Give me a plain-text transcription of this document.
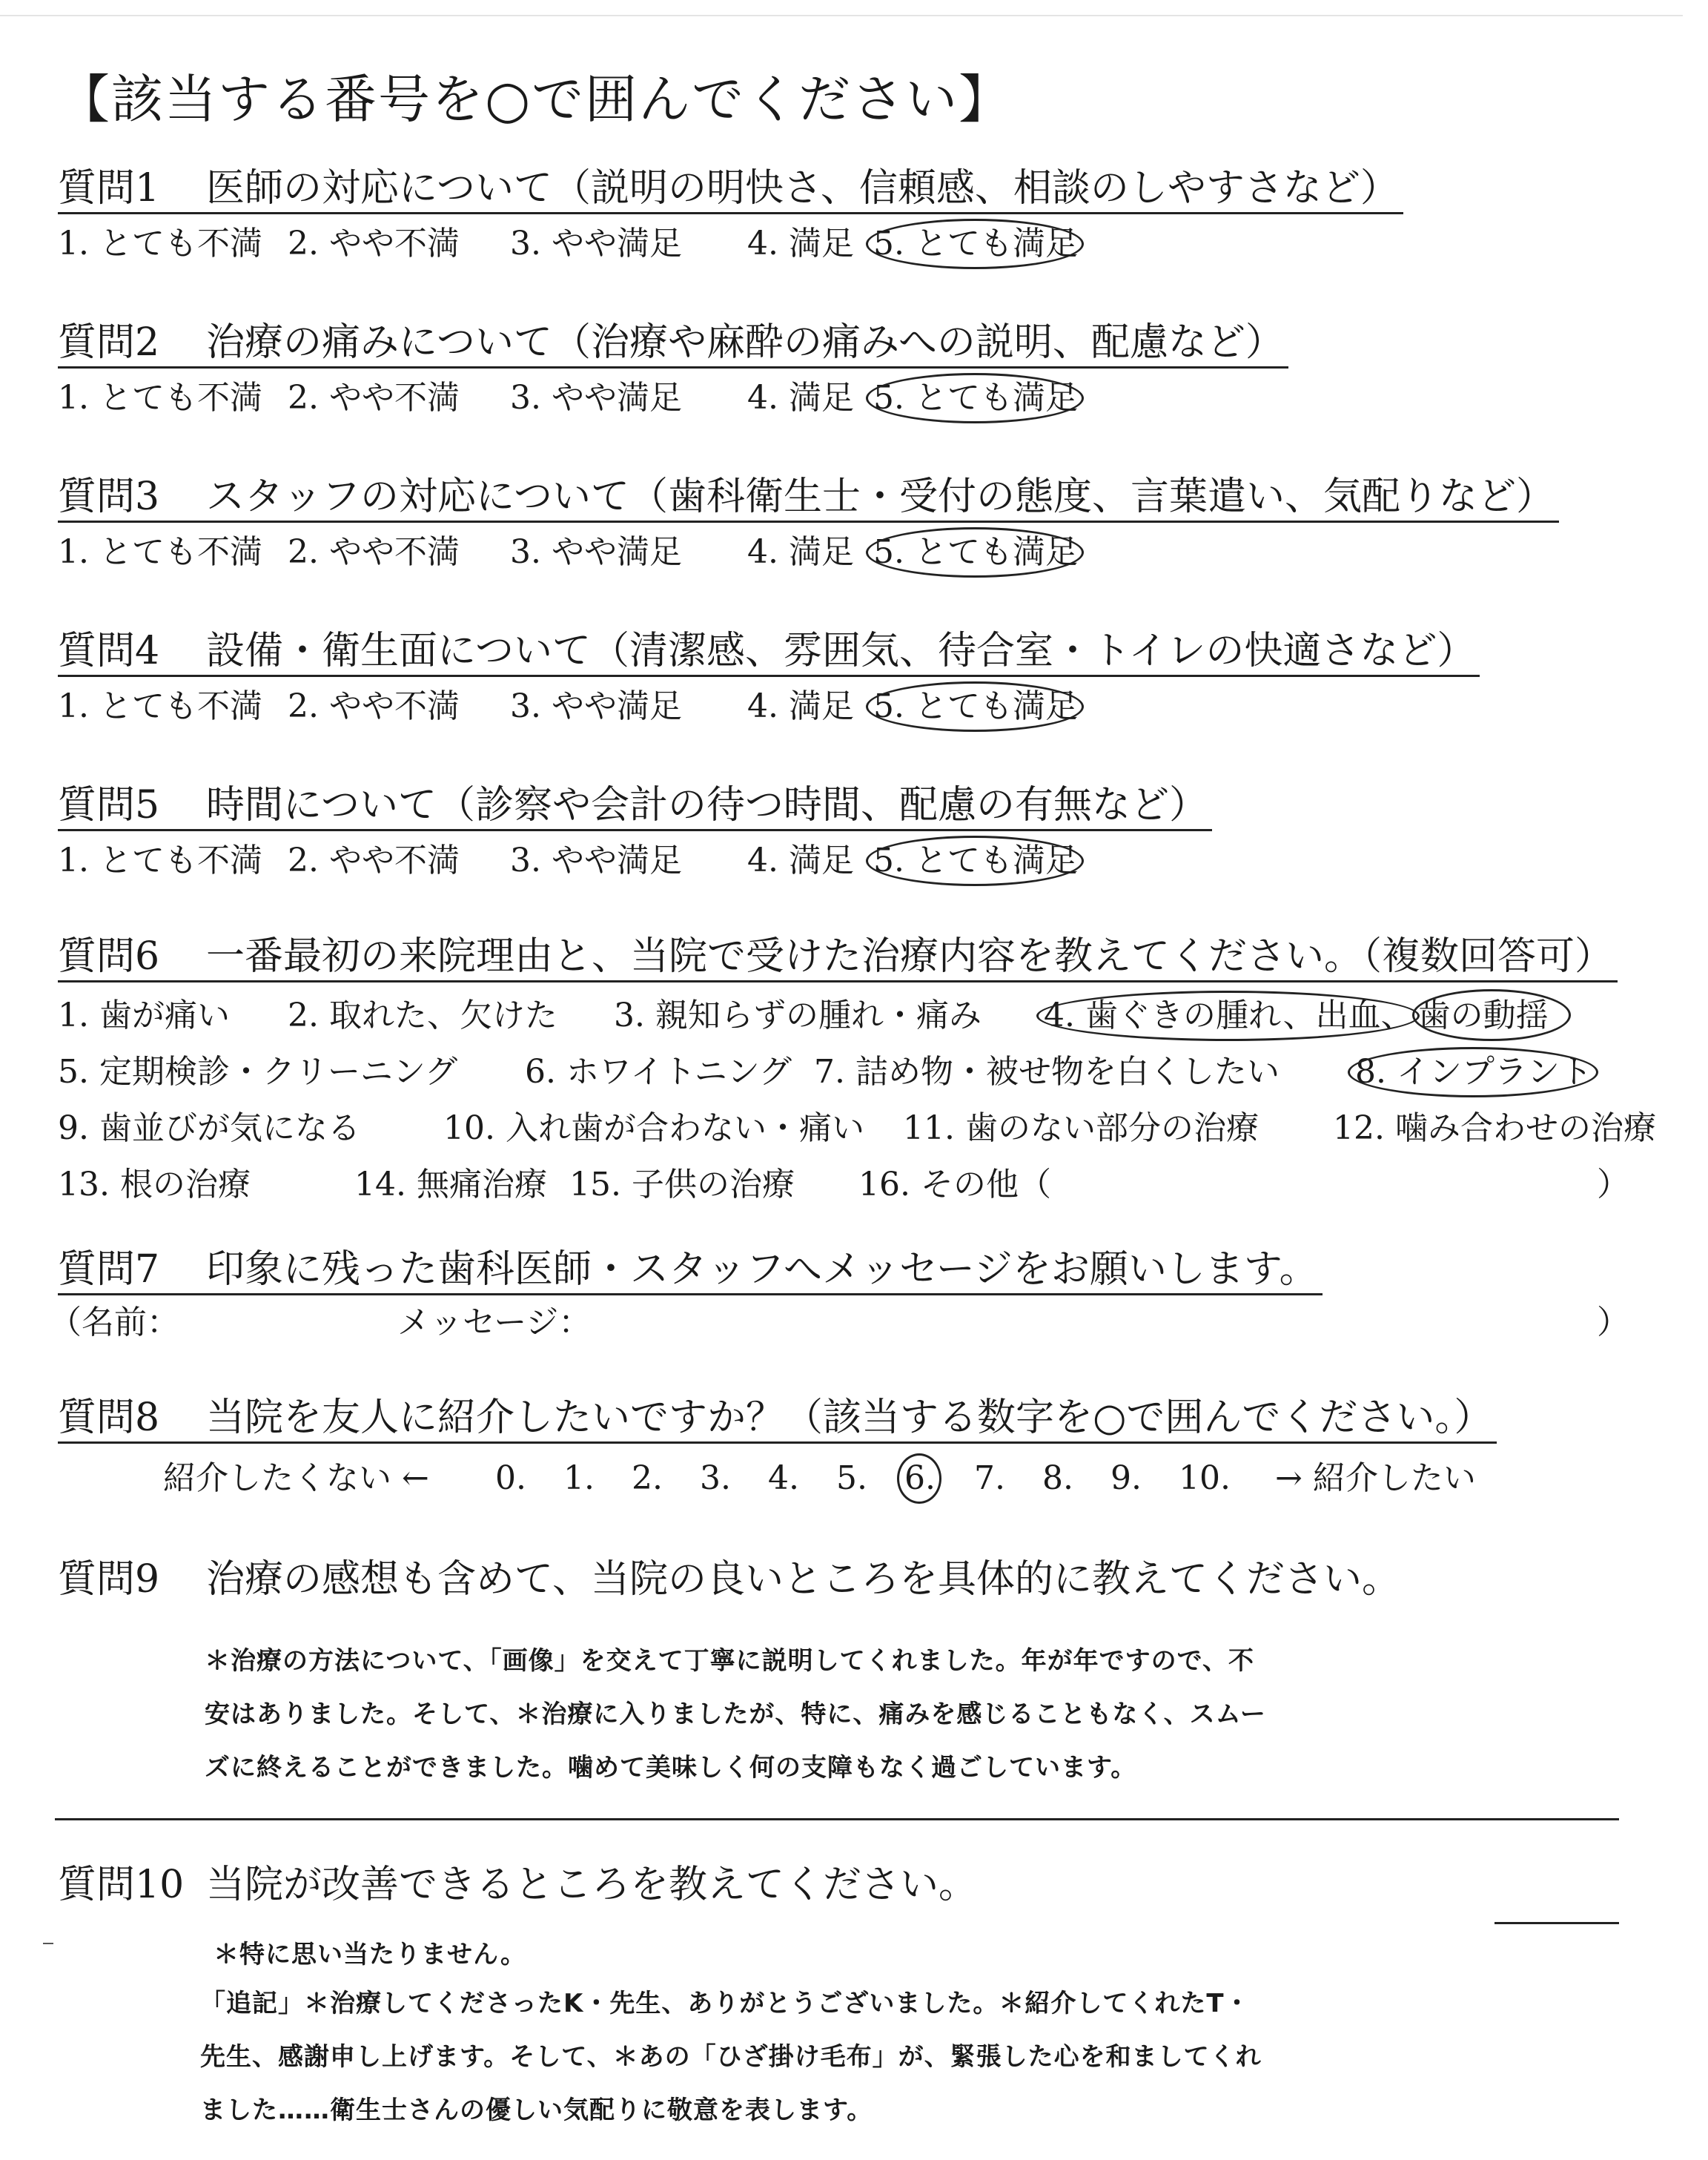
【該当する番号を○で囲んでください】
質問1 医師の対応について（説明の明快さ、信頼感、相談のしやすさなど）
1. とても不満 2. やや不満 3. やや満足 4. 満足 5. とても満足
質問2 治療の痛みについて（治療や麻酔の痛みへの説明、配慮など）
1. とても不満 2. やや不満 3. やや満足 4. 満足 5. とても満足
質問3 スタッフの対応について（歯科衛生士・受付の態度、言葉遣い、気配りなど）
1. とても不満 2. やや不満 3. やや満足 4. 満足 5. とても満足
質問4 設備・衛生面について（清潔感、雰囲気、待合室・トイレの快適さなど）
1. とても不満 2. やや不満 3. やや満足 4. 満足 5. とても満足
質問5 時間について（診察や会計の待つ時間、配慮の有無など）
1. とても不満 2. やや不満 3. やや満足 4. 満足 5. とても満足
質問6 一番最初の来院理由と、当院で受けた治療内容を教えてください。（複数回答可）
1. 歯が痛い 2. 取れた、欠けた 3. 親知らずの腫れ・痛み 4. 歯ぐきの腫れ、出血、 歯の動揺
5. 定期検診・クリーニング 6. ホワイトニング 7. 詰め物・被せ物を白くしたい 8. インプラント
9. 歯並びが気になる	10. 入れ歯が合わない・痛い 11. 歯のない部分の治療 12. 噛み合わせの治療
13. 根の治療	14. 無痛治療 15. 子供の治療 16. その他（	）
質問7 印象に残った歯科医師・スタッフへメッセージをお願いします。
（名前：	メッセージ：	）
質問8 当院を友人に紹介したいですか？（該当する数字を○で囲んでください。）
紹介したくない ← 0. 1. 2. 3. 4. 5. 6. 7. 8. 9. 10. → 紹介したい
質問9 治療の感想も含めて、当院の良いところを具体的に教えてください。
＊治療の方法について、「画像」を交えて丁寧に説明してくれました。年が年ですので、不
安はありました。そして、＊治療に入りましたが、特に、痛みを感じることもなく、スムー
ズに終えることができました。噛めて美味しく何の支障もなく過ごしています。
質問10 当院が改善できるところを教えてください。
＊特に思い当たりません。
「追記」＊治療してくださったK・先生、ありがとうございました。＊紹介してくれたT・
先生、感謝申し上げます。そして、＊あの「ひざ掛け毛布」が、緊張した心を和ましてくれ
ました……衛生士さんの優しい気配りに敬意を表します。
